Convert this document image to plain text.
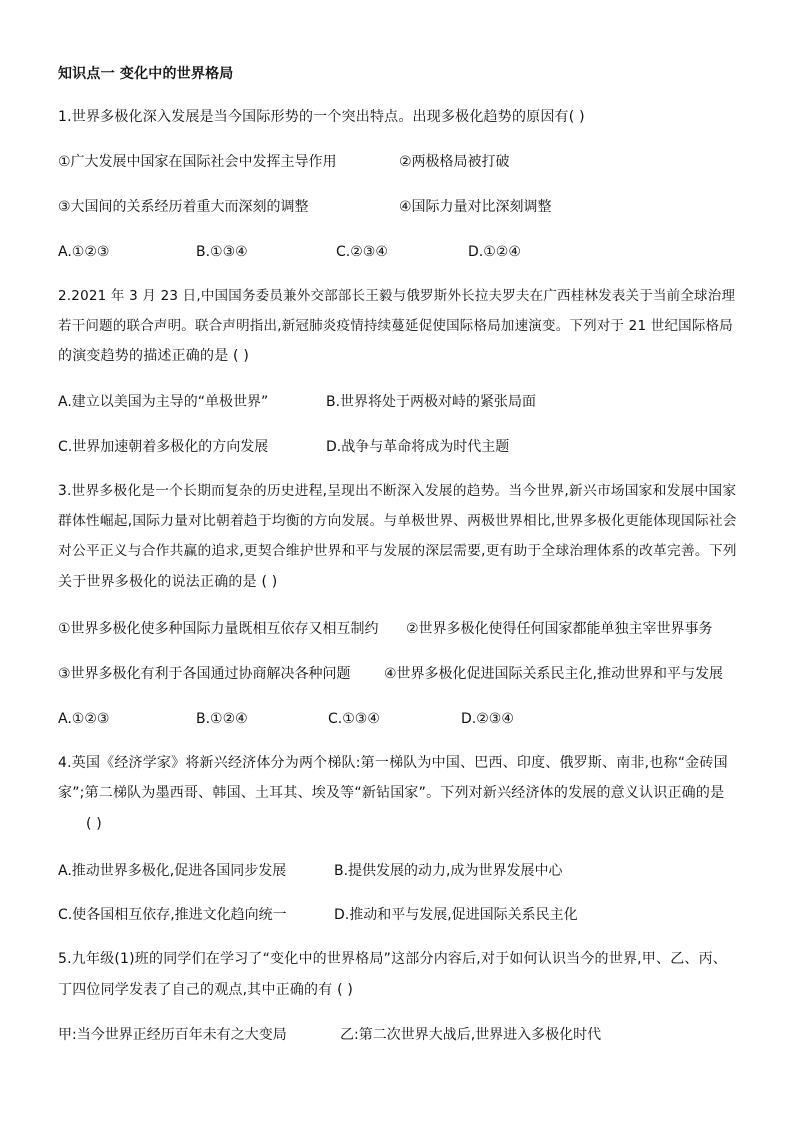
知识点一 变化中的世界格局
1.世界多极化深入发展是当今国际形势的一个突出特点。出现多极化趋势的原因有( )
①广大发展中国家在国际社会中发挥主导作用	②两极格局被打破
③大国间的关系经历着重大而深刻的调整	④国际力量对比深刻调整
A.①②③	B.①③④	C.②③④	D.①②④
2.2021 年 3 月 23 日,中国国务委员兼外交部部长王毅与俄罗斯外长拉夫罗夫在广西桂林发表关于当前全球治理
若干问题的联合声明。联合声明指出,新冠肺炎疫情持续蔓延促使国际格局加速演变。下列对于 21 世纪国际格局
的演变趋势的描述正确的是 ( )
A.建立以美国为主导的“单极世界”	B.世界将处于两极对峙的紧张局面
C.世界加速朝着多极化的方向发展	D.战争与革命将成为时代主题
3.世界多极化是一个长期而复杂的历史进程,呈现出不断深入发展的趋势。当今世界,新兴市场国家和发展中国家
群体性崛起,国际力量对比朝着趋于均衡的方向发展。与单极世界、两极世界相比,世界多极化更能体现国际社会
对公平正义与合作共赢的追求,更契合维护世界和平与发展的深层需要,更有助于全球治理体系的改革完善。下列
关于世界多极化的说法正确的是 ( )
①世界多极化使多种国际力量既相互依存又相互制约 ②世界多极化使得任何国家都能单独主宰世界事务
③世界多极化有利于各国通过协商解决各种问题 ④世界多极化促进国际关系民主化,推动世界和平与发展
A.①②③	B.①②④	C.①③④	D.②③④
4.英国《经济学家》将新兴经济体分为两个梯队:第一梯队为中国、巴西、印度、俄罗斯、南非,也称“金砖国
家”;第二梯队为墨西哥、韩国、土耳其、埃及等“新钻国家”。下列对新兴经济体的发展的意义认识正确的是
( )
A.推动世界多极化,促进各国同步发展	B.提供发展的动力,成为世界发展中心
C.使各国相互依存,推进文化趋向统一	D.推动和平与发展,促进国际关系民主化
5.九年级(1)班的同学们在学习了“变化中的世界格局”这部分内容后,对于如何认识当今的世界,甲、乙、丙、
丁四位同学发表了自己的观点,其中正确的有 ( )
甲:当今世界正经历百年未有之大变局	乙:第二次世界大战后,世界进入多极化时代
